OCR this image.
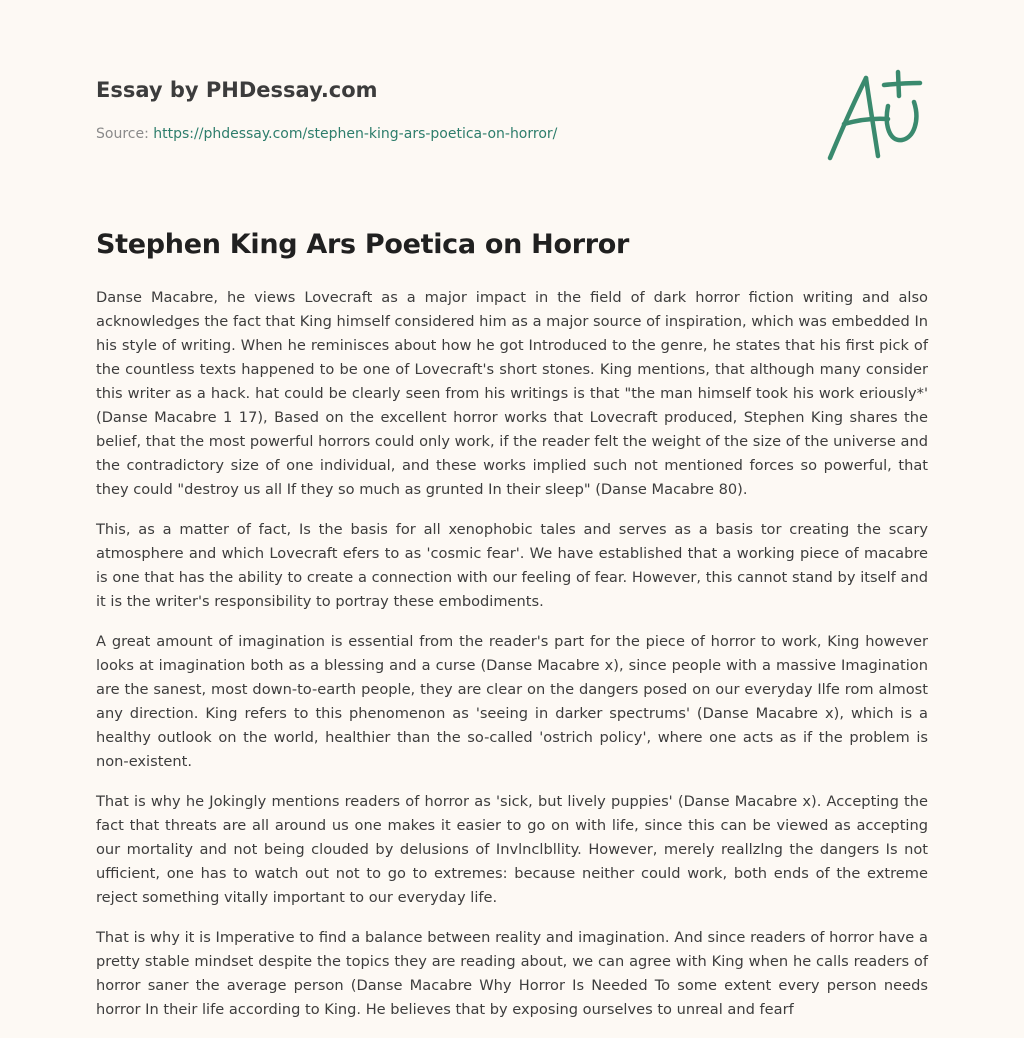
Essay by PHDessay.com
Source: https://phdessay.com/stephen-king-ars-poetica-on-horror/
Stephen King Ars Poetica on Horror

Danse Macabre, he views Lovecraft as a major impact in the field of dark horror fiction writing and also acknowledges the fact that King himself considered him as a major source of inspiration, which was embedded In his style of writing. When he reminisces about how he got Introduced to the genre, he states that his first pick of the countless texts happened to be one of Lovecraft's short stones. King mentions, that although many consider this writer as a hack. hat could be clearly seen from his writings is that "the man himself took his work eriously*' (Danse Macabre 1 17), Based on the excellent horror works that Lovecraft produced, Stephen King shares the belief, that the most powerful horrors could only work, if the reader felt the weight of the size of the universe and the contradictory size of one individual, and these works implied such not mentioned forces so powerful, that they could "destroy us all If they so much as grunted In their sleep" (Danse Macabre 80).

This, as a matter of fact, Is the basis for all xenophobic tales and serves as a basis tor creating the scary atmosphere and which Lovecraft efers to as 'cosmic fear'. We have established that a working piece of macabre is one that has the ability to create a connection with our feeling of fear. However, this cannot stand by itself and it is the writer's responsibility to portray these embodiments.

A great amount of imagination is essential from the reader's part for the piece of horror to work, King however looks at imagination both as a blessing and a curse (Danse Macabre x), since people with a massive Imagination are the sanest, most down-to-earth people, they are clear on the dangers posed on our everyday Ilfe rom almost any direction. King refers to this phenomenon as 'seeing in darker spectrums' (Danse Macabre x), which is a healthy outlook on the world, healthier than the so-called 'ostrich policy', where one acts as if the problem is non-existent.

That is why he Jokingly mentions readers of horror as 'sick, but lively puppies' (Danse Macabre x). Accepting the fact that threats are all around us one makes it easier to go on with life, since this can be viewed as accepting our mortality and not being clouded by delusions of Invlnclbllity. However, merely reallzlng the dangers Is not ufficient, one has to watch out not to go to extremes: because neither could work, both ends of the extreme reject something vitally important to our everyday life.

That is why it is Imperative to find a balance between reality and imagination. And since readers of horror have a pretty stable mindset despite the topics they are reading about, we can agree with King when he calls readers of horror saner the average person (Danse Macabre Why Horror Is Needed To some extent every person needs horror In their life according to King. He believes that by exposing ourselves to unreal and fearf
